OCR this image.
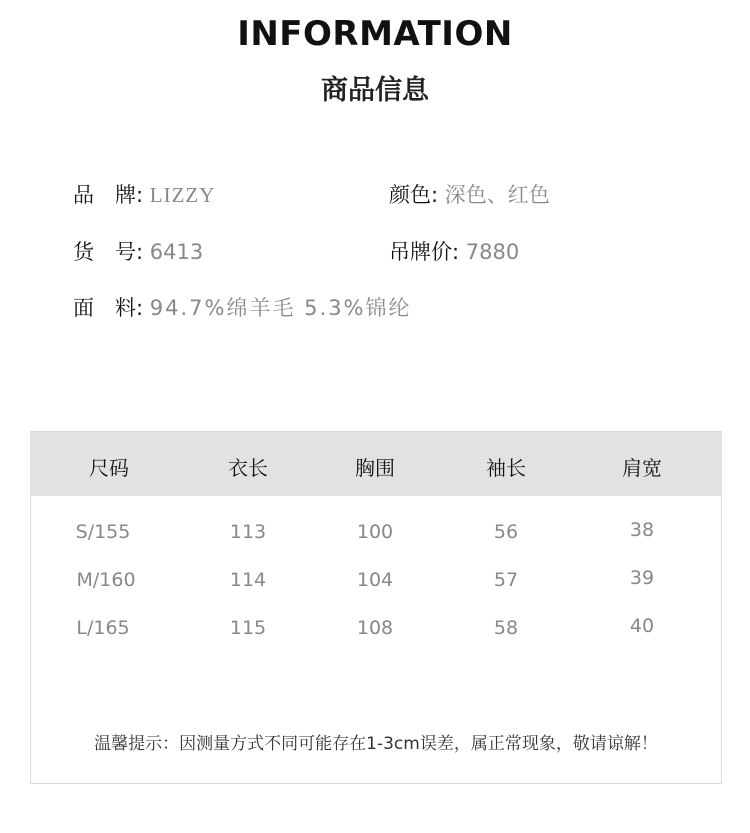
INFORMATION
商品信息
品　牌: LIZZY	颜色: 深色、红色
货　号: 6413	吊牌价: 7880
面　料: 94.7%绵羊毛 5.3%锦纶
尺码	衣长	胸围	袖长	肩宽
S/155	113	100	56	38
M/160	114	104	57	39
L/165	115	108	58	40
温馨提示：因测量方式不同可能存在1-3cm误差，属正常现象，敬请谅解！
